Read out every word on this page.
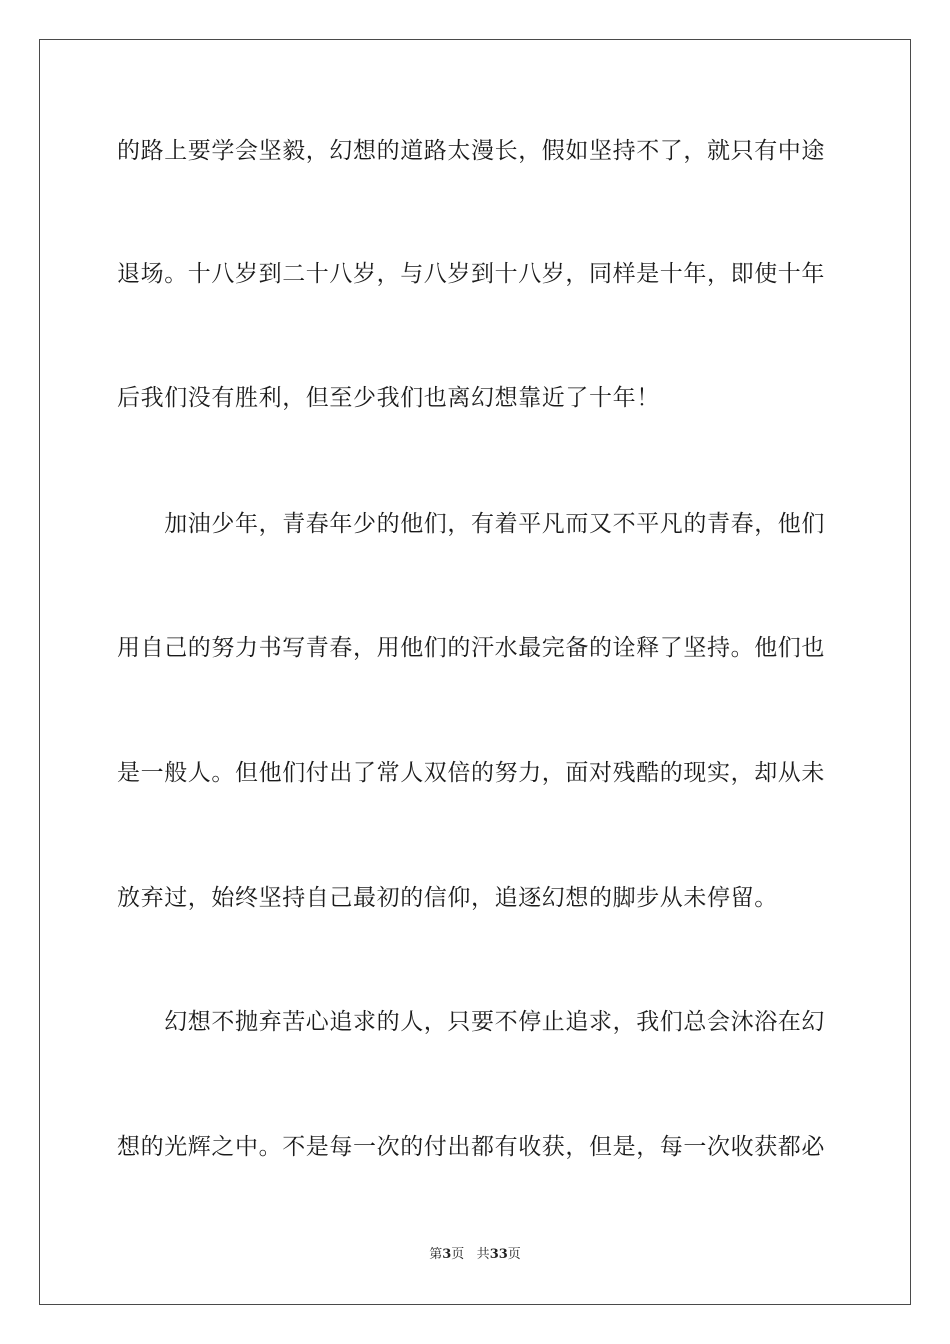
的路上要学会坚毅，幻想的道路太漫长，假如坚持不了，就只有中途
退场。十八岁到二十八岁，与八岁到十八岁，同样是十年，即使十年
后我们没有胜利，但至少我们也离幻想靠近了十年！
　　加油少年，青春年少的他们，有着平凡而又不平凡的青春，他们
用自己的努力书写青春，用他们的汗水最完备的诠释了坚持。他们也
是一般人。但他们付出了常人双倍的努力，面对残酷的现实，却从未
放弃过，始终坚持自己最初的信仰，追逐幻想的脚步从未停留。
　　幻想不抛弃苦心追求的人，只要不停止追求，我们总会沐浴在幻
想的光辉之中。不是每一次的付出都有收获，但是，每一次收获都必
第3页 共33页
